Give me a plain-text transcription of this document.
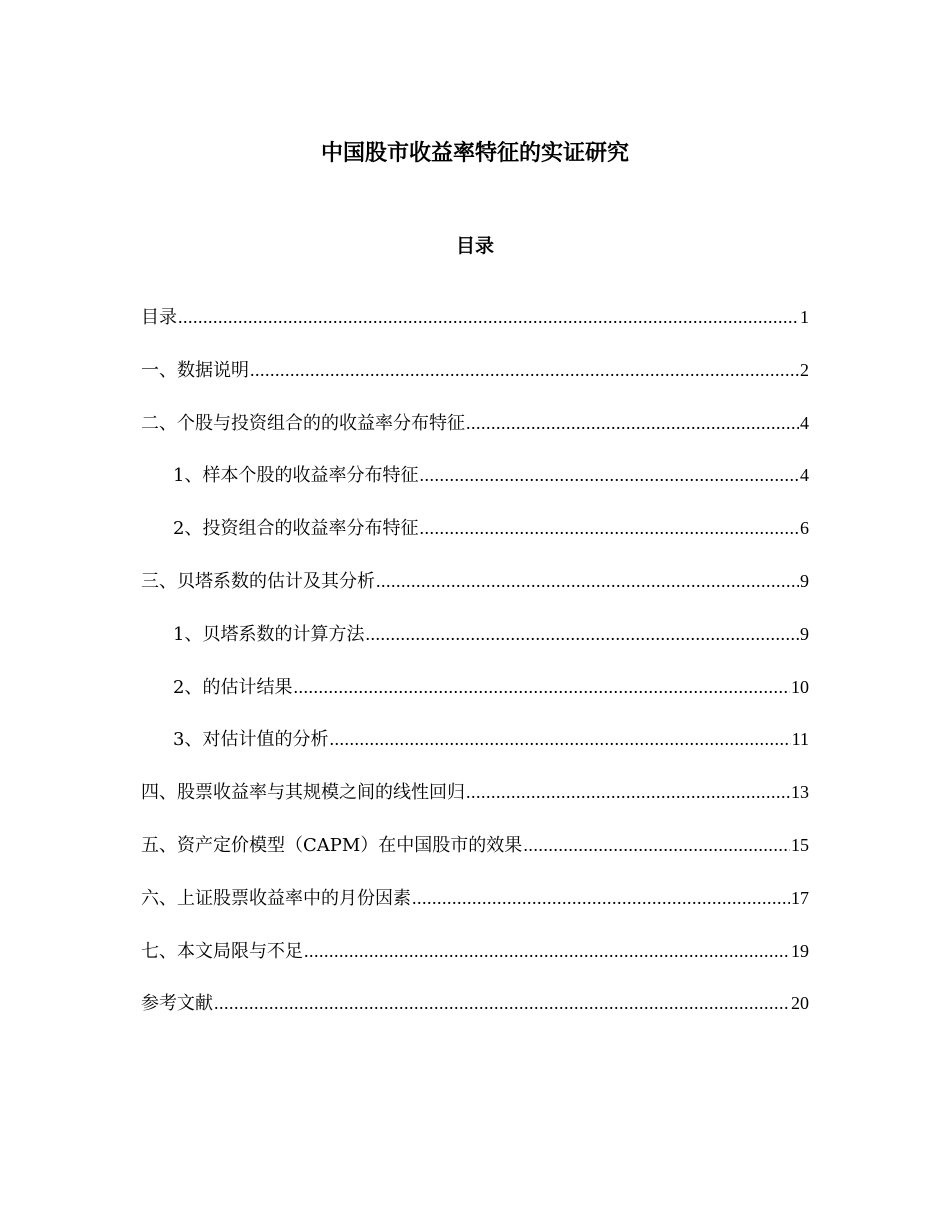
中国股市收益率特征的实证研究
目录
目录 .....	1
一、数据说明 .....	2
二、个股与投资组合的的收益率分布特征 .....	4
1、样本个股的收益率分布特征 .....	4
2、投资组合的收益率分布特征 .....	6
三、贝塔系数的估计及其分析 .....	9
1、贝塔系数的计算方法 .....	9
2、的估计结果 .....	10
3、对估计值的分析 .....	11
四、股票收益率与其规模之间的线性回归 .....	13
五、资产定价模型（CAPM）在中国股市的效果 .....	15
六、上证股票收益率中的月份因素 .....	17
七、本文局限与不足 .....	19
参考文献 .....	20
